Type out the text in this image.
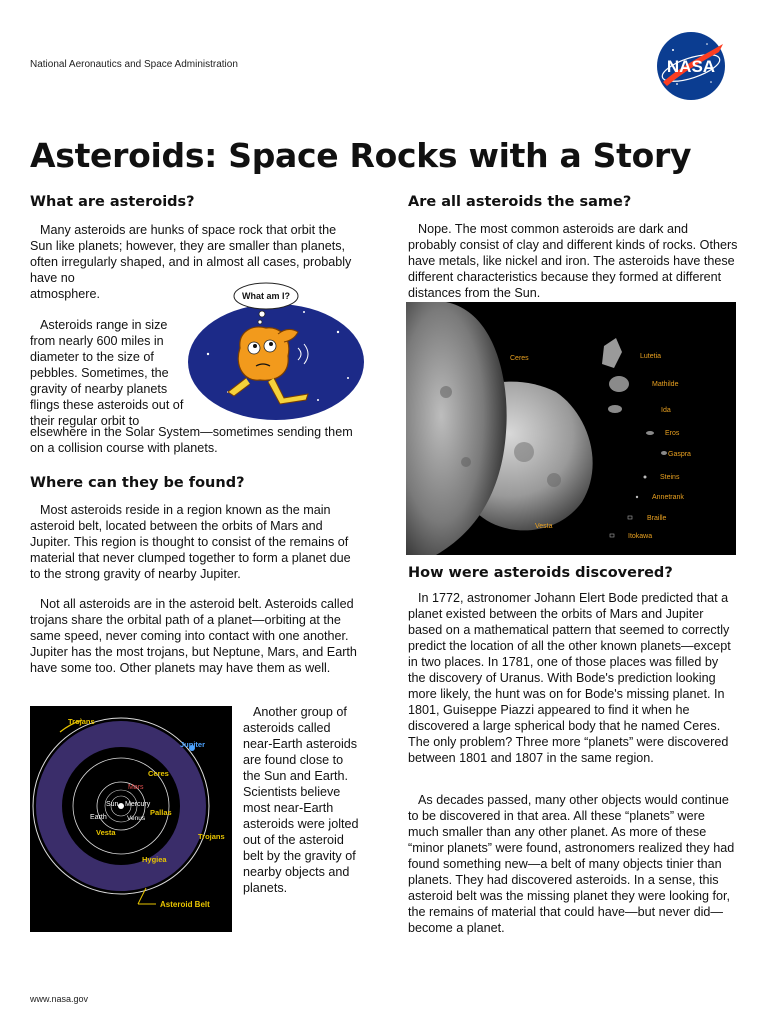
National Aeronautics and Space Administration	NASA
Asteroids: Space Rocks with a Story
What are asteroids?
Many asteroids are hunks of space rock that orbit the Sun like planets; however, they are smaller than planets, often irregularly shaped, and in almost all cases, probably have no
atmosphere.
Asteroids range in size from nearly 600 miles in diameter to the size of pebbles. Sometimes, the gravity of nearby planets flings these asteroids out of their regular orbit to
elsewhere in the Solar System—sometimes sending them on a collision course with planets.
What am I?
Where can they be found?
Most asteroids reside in a region known as the main asteroid belt, located between the orbits of Mars and Jupiter. This region is thought to consist of the remains of material that never clumped together to form a planet due to the strong gravity of nearby Jupiter.
Not all asteroids are in the asteroid belt. Asteroids called trojans share the orbital path of a planet—orbiting at the same speed, never coming into contact with one another. Jupiter has the most trojans, but Neptune, Mars, and Earth have some too. Other planets may have them as well.
Another group of asteroids called near-Earth asteroids are found close to the Sun and Earth. Scientists believe most near-Earth asteroids were jolted out of the asteroid belt by the gravity of nearby objects and planets.
Trojans
Jupiter
Ceres
Mars
Sun Mercury
Earth	Venus
Pallas
Vesta	Trojans
Hygiea
Asteroid Belt
Are all asteroids the same?
Nope. The most common asteroids are dark and probably consist of clay and different kinds of rocks. Others have metals, like nickel and iron. The asteroids have these different characteristics because they formed at different distances from the Sun.
Ceres
Vesta
Lutetia
Mathilde
Ida
Eros
Gaspra
Steins
Annetrank
Braille
Itokawa
How were asteroids discovered?
In 1772, astronomer Johann Elert Bode predicted that a planet existed between the orbits of Mars and Jupiter based on a mathematical pattern that seemed to correctly predict the location of all the other known planets—except in two places. In 1781, one of those places was filled by the discovery of Uranus. With Bode's prediction looking more likely, the hunt was on for Bode's missing planet. In 1801, Guiseppe Piazzi appeared to find it when he discovered a large spherical body that he named Ceres. The only problem? Three more “planets” were discovered between 1801 and 1807 in the same region.
As decades passed, many other objects would continue to be discovered in that area. All these “planets” were much smaller than any other planet. As more of these “minor planets” were found, astronomers realized they had found something new—a belt of many objects tinier than planets. They had discovered asteroids. In a sense, this asteroid belt was the missing planet they were looking for, the remains of material that could have—but never did—become a planet.
www.nasa.gov
